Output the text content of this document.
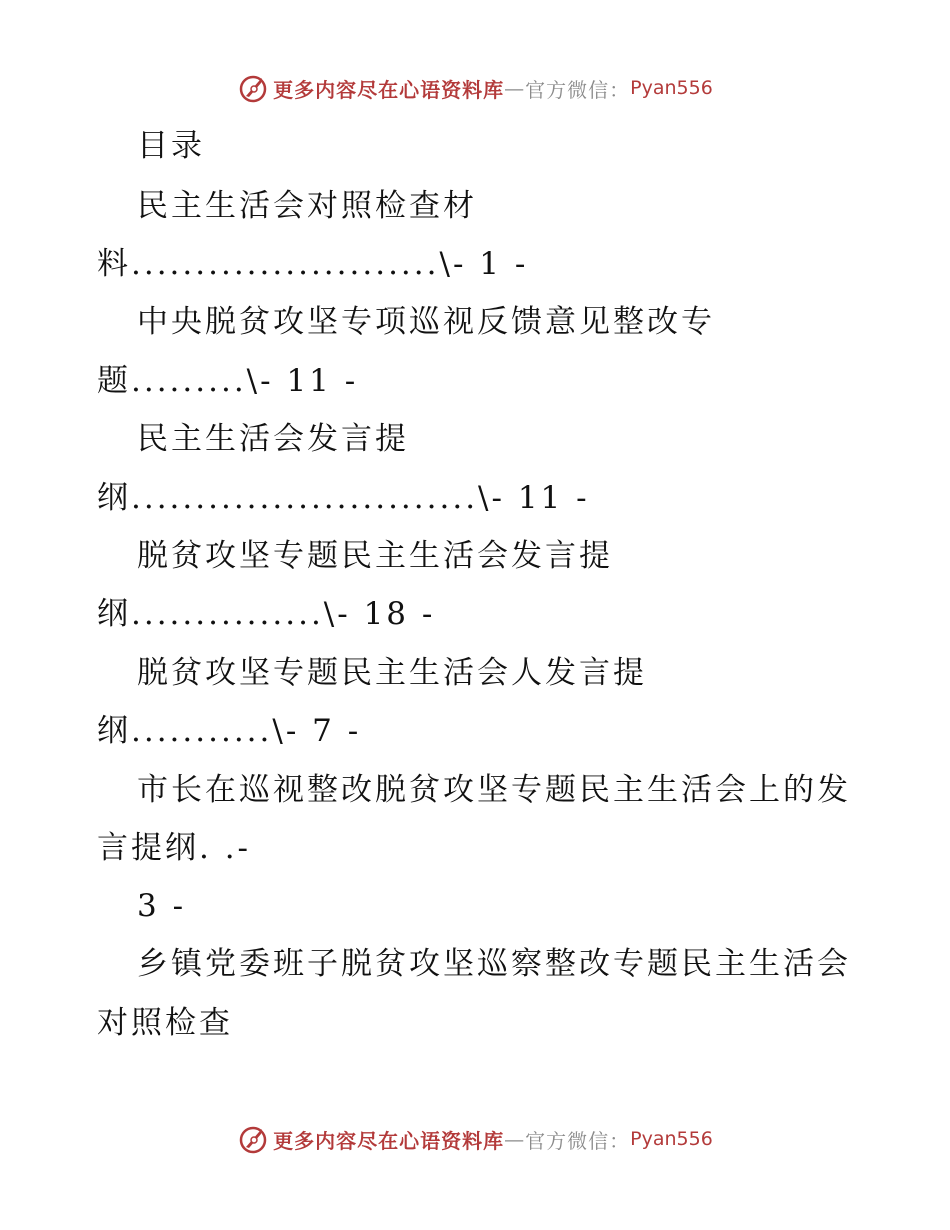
更多内容尽在心语资料库 — 官方微信： Pyan556
目录
民主生活会对照检查材
料........................\- 1 -
中央脱贫攻坚专项巡视反馈意见整改专
题.........\- 11 -
民主生活会发言提
纲...........................\- 11 -
脱贫攻坚专题民主生活会发言提
纲...............\- 18 -
脱贫攻坚专题民主生活会人发言提
纲...........\- 7 -
市长在巡视整改脱贫攻坚专题民主生活会上的发
言提纲. .-
3 -
乡镇党委班子脱贫攻坚巡察整改专题民主生活会
对照检查
更多内容尽在心语资料库 — 官方微信： Pyan556
